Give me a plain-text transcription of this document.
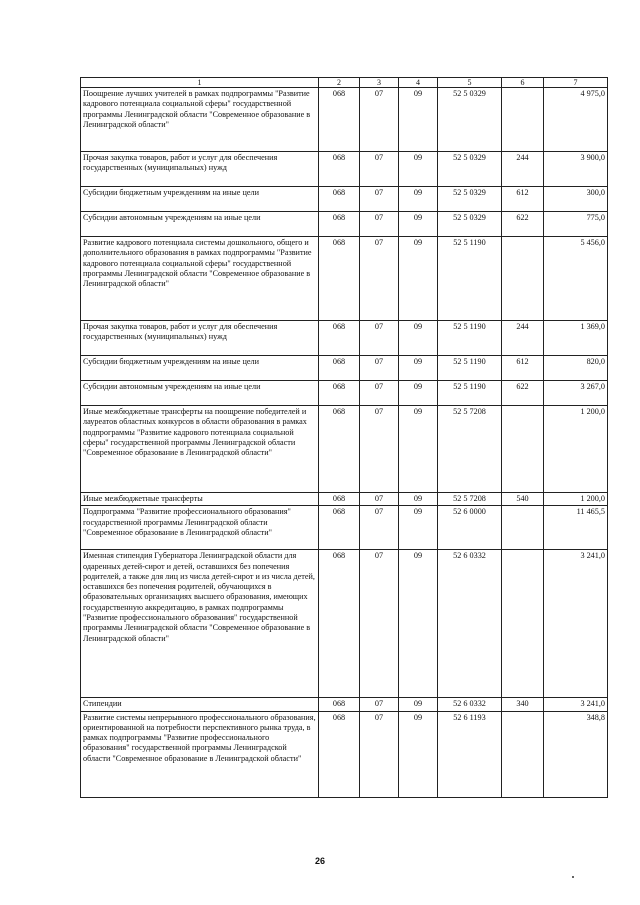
1	2	3	4	5	6	7
Поощрение лучших учителей в рамках подпрограммы "Развитие кадрового потенциала социальной сферы" государственной программы Ленинградской области "Современное образование в Ленинградской области"	068	07	09	52 5 0329		4 975,0
Прочая закупка товаров, работ и услуг для обеспечения государственных (муниципальных) нужд	068	07	09	52 5 0329	244	3 900,0
Субсидии бюджетным учреждениям на иные цели	068	07	09	52 5 0329	612	300,0
Субсидии автономным учреждениям на иные цели	068	07	09	52 5 0329	622	775,0
Развитие кадрового потенциала системы дошкольного, общего и дополнительного образования в рамках подпрограммы "Развитие кадрового потенциала социальной сферы" государственной программы Ленинградской области "Современное образование в Ленинградской области"	068	07	09	52 5 1190		5 456,0
Прочая закупка товаров, работ и услуг для обеспечения государственных (муниципальных) нужд	068	07	09	52 5 1190	244	1 369,0
Субсидии бюджетным учреждениям на иные цели	068	07	09	52 5 1190	612	820,0
Субсидии автономным учреждениям на иные цели	068	07	09	52 5 1190	622	3 267,0
Иные межбюджетные трансферты на поощрение победителей и лауреатов областных конкурсов в области образования в рамках подпрограммы "Развитие кадрового потенциала социальной сферы" государственной программы Ленинградской области "Современное образование в Ленинградской области"	068	07	09	52 5 7208		1 200,0
Иные межбюджетные трансферты	068	07	09	52 5 7208	540	1 200,0
Подпрограмма "Развитие профессионального образования" государственной программы Ленинградской области "Современное образование в Ленинградской области"	068	07	09	52 6 0000		11 465,5
Именная стипендия Губернатора Ленинградской области для одаренных детей-сирот и детей, оставшихся без попечения родителей, а также для лиц из числа детей-сирот и из числа детей, оставшихся без попечения родителей, обучающихся в образовательных организациях высшего образования, имеющих государственную аккредитацию, в рамках подпрограммы "Развитие профессионального образования" государственной программы Ленинградской области "Современное образование в Ленинградской области"	068	07	09	52 6 0332		3 241,0
Стипендии	068	07	09	52 6 0332	340	3 241,0
Развитие системы непрерывного профессионального образования, ориентированной на потребности перспективного рынка труда, в рамках подпрограммы "Развитие профессионального образования" государственной программы Ленинградской области "Современное образование в Ленинградской области"	068	07	09	52 6 1193		348,8
26
